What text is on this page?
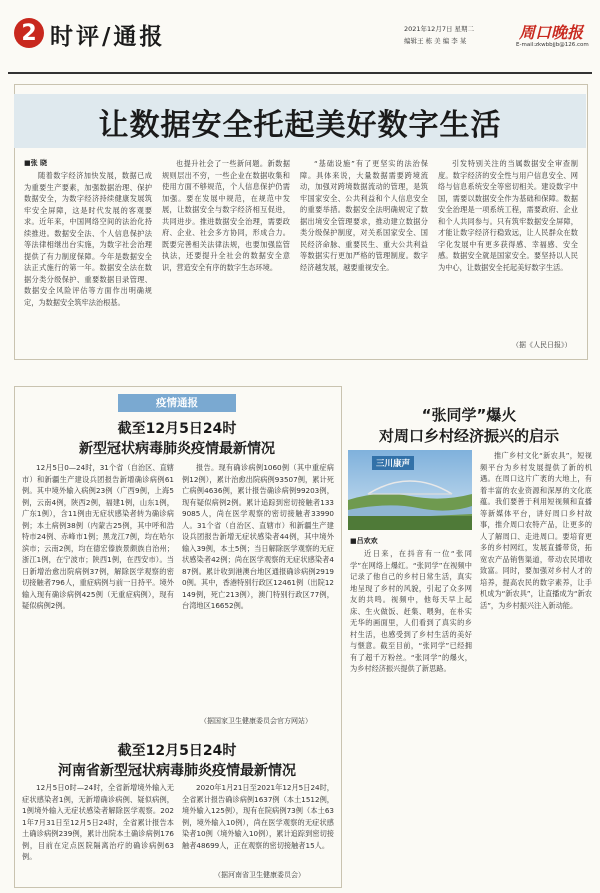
2 时评/通报	2021年12月7日 星期二
编辑王 栋 美 编 李 某	周口晚报
E-mail:zkwbbjjb@126.com
让数据安全托起美好数字生活
■张 晓

随着数字经济加快发展，数据已成为重要生产要素，加强数据治理、保护数据安全，为数字经济持续健康发展筑牢安全屏障，这是时代发展的客观要求。近年来，中国网络空间的法治化持续推进。数据安全法、个人信息保护法等法律相继出台实施，为数字社会治理提供了有力制度保障。今年是数据安全法正式施行的第一年。数据安全法在数据分类分级保护、重要数据目录管理、数据安全风险评估等方面作出明确规定，为数据安全筑牢法治根基。

也提升社会了一些新问题。新数据规则层出不穷，一些企业在数据收集和使用方面不够规范，个人信息保护仍需加强。要在发展中规范，在规范中发展，让数据安全与数字经济相互促进，共同进步。推进数据安全治理，需要政府、企业、社会多方协同，形成合力。既要完善相关法律法规，也要加强监管执法，还要提升全社会的数据安全意识，营造安全有序的数字生态环境。

“基础设施”有了更坚实的法治保障。具体来说，大量数据需要跨境流动，加强对跨境数据流动的管理，是筑牢国家安全、公共利益和个人信息安全的重要举措。数据安全法明确规定了数据出境安全管理要求，推动建立数据分类分级保护制度，对关系国家安全、国民经济命脉、重要民生、重大公共利益等数据实行更加严格的管理制度。数字经济越发展，越要重视安全。

引发特别关注的当属数据安全审查制度。数字经济的安全性与用户信息安全、网络与信息系统安全等密切相关。建设数字中国，需要以数据安全作为基础和保障。数据安全治理是一项系统工程，需要政府、企业和个人共同参与。只有筑牢数据安全屏障，才能让数字经济行稳致远，让人民群众在数字化发展中有更多获得感、幸福感、安全感。数据安全就是国家安全。要坚持以人民为中心，让数据安全托起美好数字生活。

（据《人民日报》）
疫情通报
截至12月5日24时
新型冠状病毒肺炎疫情最新情况

12月5日0—24时，31个省（自治区、直辖市）和新疆生产建设兵团报告新增确诊病例61例。其中境外输入病例23例（广西9例，上海5例，云南4例，陕西2例，福建1例，山东1例，广东1例），含11例由无症状感染者转为确诊病例；本土病例38例（内蒙古25例，其中呼和浩特市24例、赤峰市1例；黑龙江7例，均在哈尔滨市；云南2例，均在德宏傣族景颇族自治州；浙江1例，在宁波市；陕西1例，在西安市）。当日新增治愈出院病例37例，解除医学观察的密切接触者796人，重症病例与前一日持平。境外输入现有确诊病例425例（无重症病例），现有疑似病例2例。

报告。现有确诊病例1060例（其中重症病例12例），累计治愈出院病例93507例，累计死亡病例4636例，累计报告确诊病例99203例，现有疑似病例2例。累计追踪到密切接触者1339085人，尚在医学观察的密切接触者33990人。31个省（自治区、直辖市）和新疆生产建设兵团报告新增无症状感染者44例，其中境外输入39例，本土5例；当日解除医学观察的无症状感染者42例；尚在医学观察的无症状感染者487例。累计收到港澳台地区通报确诊病例29190例。其中，香港特别行政区12461例（出院12149例，死亡213例），澳门特别行政区77例，台湾地区16652例。

（据国家卫生健康委员会官方网站）
截至12月5日24时
河南省新型冠状病毒肺炎疫情最新情况

12月5日0时—24时，全省新增境外输入无症状感染者1例，无新增确诊病例、疑似病例，1例境外输入无症状感染者解除医学观察。2021年7月31日至12月5日24时，全省累计报告本土确诊病例239例，累计出院本土确诊病例176例，目前在定点医院隔离治疗的确诊病例63例。

2020年1月21日至2021年12月5日24时，全省累计报告确诊病例1637例（本土1512例，境外输入125例），现有在院病例73例（本土63例，境外输入10例），尚在医学观察的无症状感染者10例（境外输入10例），累计追踪到密切接触者48699人，正在观察的密切接触者15人。

（据河南省卫生健康委员会）
“张同学”爆火
对周口乡村经济振兴的启示
三川康声
■吕欢欢

近日来，在抖音有一位“张同学”在网络上爆红。“张同学”在视频中记录了他自己的乡村日常生活，真实地呈现了乡村的风貌，引起了众多网友的共鸣。视频中，他每天早上起床、生火做饭、赶集、喂狗，在朴实无华的画面里，人们看到了真实的乡村生活，也感受到了乡村生活的美好与惬意。截至目前，“张同学”已经拥有了超千万粉丝。“张同学”的爆火，为乡村经济振兴提供了新思路。

推广乡村文化“新农具”，短视频平台为乡村发展提供了新的机遇。在周口这片广袤的大地上，有着丰富的农业资源和深厚的文化底蕴。我们要善于利用短视频和直播等新媒体平台，讲好周口乡村故事，推介周口农特产品，让更多的人了解周口、走进周口。要培育更多的乡村网红，发展直播带货，拓宽农产品销售渠道，带动农民增收致富。同时，要加强对乡村人才的培养，提高农民的数字素养，让手机成为“新农具”，让直播成为“新农活”，为乡村振兴注入新动能。
